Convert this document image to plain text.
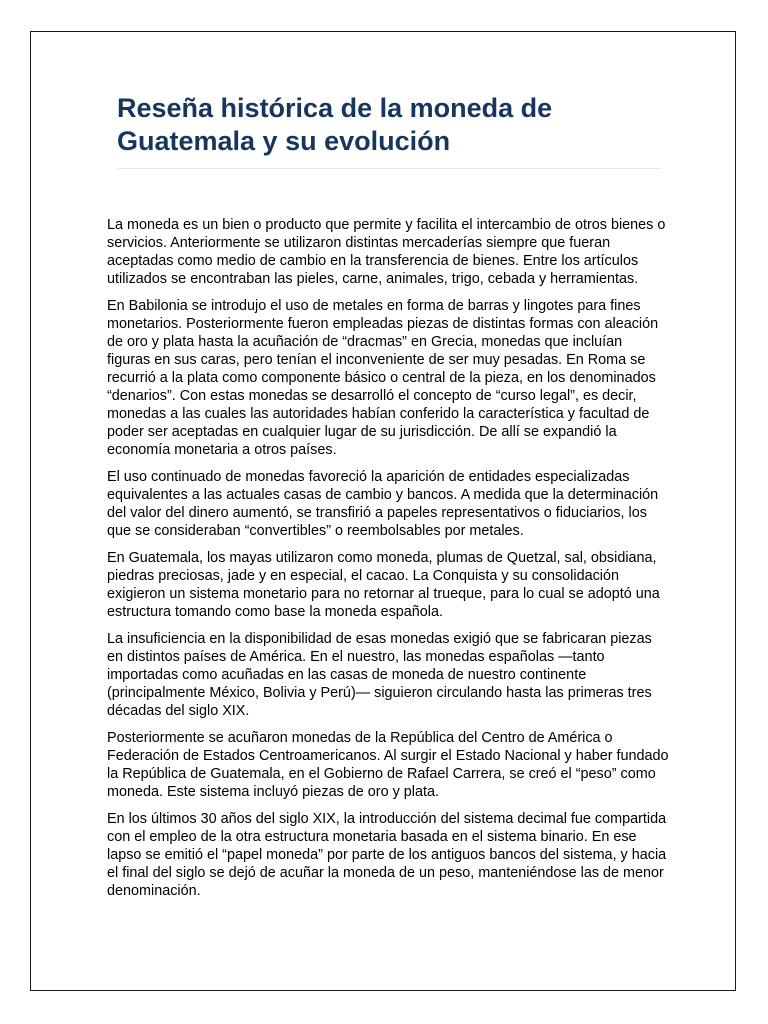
Reseña histórica de la moneda de Guatemala y su evolución

La moneda es un bien o producto que permite y facilita el intercambio de otros bienes o servicios. Anteriormente se utilizaron distintas mercaderías siempre que fueran aceptadas como medio de cambio en la transferencia de bienes. Entre los artículos utilizados se encontraban las pieles, carne, animales, trigo, cebada y herramientas.

En Babilonia se introdujo el uso de metales en forma de barras y lingotes para fines monetarios. Posteriormente fueron empleadas piezas de distintas formas con aleación de oro y plata hasta la acuñación de “dracmas” en Grecia, monedas que incluían figuras en sus caras, pero tenían el inconveniente de ser muy pesadas. En Roma se recurrió a la plata como componente básico o central de la pieza, en los denominados “denarios”. Con estas monedas se desarrolló el concepto de “curso legal”, es decir, monedas a las cuales las autoridades habían conferido la característica y facultad de poder ser aceptadas en cualquier lugar de su jurisdicción. De allí se expandió la economía monetaria a otros países.

El uso continuado de monedas favoreció la aparición de entidades especializadas equivalentes a las actuales casas de cambio y bancos. A medida que la determinación del valor del dinero aumentó, se transfirió a papeles representativos o fiduciarios, los que se consideraban “convertibles” o reembolsables por metales.

En Guatemala, los mayas utilizaron como moneda, plumas de Quetzal, sal, obsidiana, piedras preciosas, jade y en especial, el cacao. La Conquista y su consolidación exigieron un sistema monetario para no retornar al trueque, para lo cual se adoptó una estructura tomando como base la moneda española.

La insuficiencia en la disponibilidad de esas monedas exigió que se fabricaran piezas en distintos países de América. En el nuestro, las monedas españolas —tanto importadas como acuñadas en las casas de moneda de nuestro continente (principalmente México, Bolivia y Perú)— siguieron circulando hasta las primeras tres décadas del siglo XIX.

Posteriormente se acuñaron monedas de la República del Centro de América o Federación de Estados Centroamericanos. Al surgir el Estado Nacional y haber fundado la República de Guatemala, en el Gobierno de Rafael Carrera, se creó el “peso” como moneda. Este sistema incluyó piezas de oro y plata.

En los últimos 30 años del siglo XIX, la introducción del sistema decimal fue compartida con el empleo de la otra estructura monetaria basada en el sistema binario. En ese lapso se emitió el “papel moneda” por parte de los antiguos bancos del sistema, y hacia el final del siglo se dejó de acuñar la moneda de un peso, manteniéndose las de menor denominación.
